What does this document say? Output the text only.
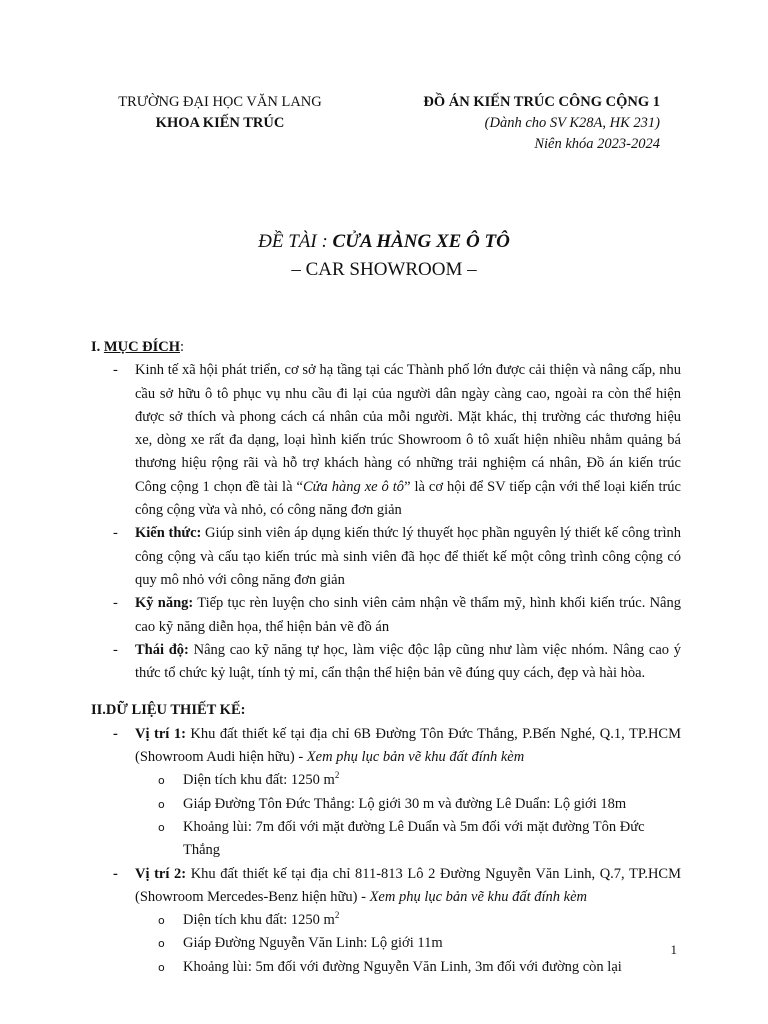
TRƯỜNG ĐẠI HỌC VĂN LANG
KHOA KIẾN TRÚC
ĐỒ ÁN KIẾN TRÚC CÔNG CỘNG 1
(Dành cho SV K28A, HK 231)
Niên khóa 2023-2024
ĐỀ TÀI : CỬA HÀNG XE Ô TÔ
– CAR SHOWROOM –

I. MỤC ĐÍCH:

- Kinh tế xã hội phát triển, cơ sở hạ tầng tại các Thành phố lớn được cải thiện và nâng cấp, nhu cầu sở hữu ô tô phục vụ nhu cầu đi lại của người dân ngày càng cao, ngoài ra còn thể hiện được sở thích và phong cách cá nhân của mỗi người. Mặt khác, thị trường các thương hiệu xe, dòng xe rất đa dạng, loại hình kiến trúc Showroom ô tô xuất hiện nhiều nhằm quảng bá thương hiệu rộng rãi và hỗ trợ khách hàng có những trải nghiệm cá nhân, Đồ án kiến trúc Công cộng 1 chọn đề tài là “Cửa hàng xe ô tô” là cơ hội để SV tiếp cận với thể loại kiến trúc công cộng vừa và nhỏ, có công năng đơn giản

- Kiến thức: Giúp sinh viên áp dụng kiến thức lý thuyết học phần nguyên lý thiết kế công trình công cộng và cấu tạo kiến trúc mà sinh viên đã học để thiết kế một công trình công cộng có quy mô nhỏ với công năng đơn giản

- Kỹ năng: Tiếp tục rèn luyện cho sinh viên cảm nhận về thẩm mỹ, hình khối kiến trúc. Nâng cao kỹ năng diễn họa, thể hiện bản vẽ đồ án

- Thái độ: Nâng cao kỹ năng tự học, làm việc độc lập cũng như làm việc nhóm. Nâng cao ý thức tổ chức kỷ luật, tính tỷ mỉ, cẩn thận thể hiện bản vẽ đúng quy cách, đẹp và hài hòa.

II.DỮ LIỆU THIẾT KẾ:

- Vị trí 1: Khu đất thiết kế tại địa chỉ 6B Đường Tôn Đức Thắng, P.Bến Nghé, Q.1, TP.HCM (Showroom Audi hiện hữu) - Xem phụ lục bản vẽ khu đất đính kèm

o Diện tích khu đất: 1250 $m^2$

o Giáp Đường Tôn Đức Thắng: Lộ giới 30 m và đường Lê Duẩn: Lộ giới 18m

o Khoảng lùi: 7m đối với mặt đường Lê Duẩn và 5m đối với mặt đường Tôn Đức Thắng

- Vị trí 2: Khu đất thiết kế tại địa chỉ 811-813 Lô 2 Đường Nguyễn Văn Linh, Q.7, TP.HCM (Showroom Mercedes-Benz hiện hữu) - Xem phụ lục bản vẽ khu đất đính kèm

o Diện tích khu đất: 1250 $m^2$

o Giáp Đường Nguyễn Văn Linh: Lộ giới 11m

o Khoảng lùi: 5m đối với đường Nguyễn Văn Linh, 3m đối với đường còn lại

1
